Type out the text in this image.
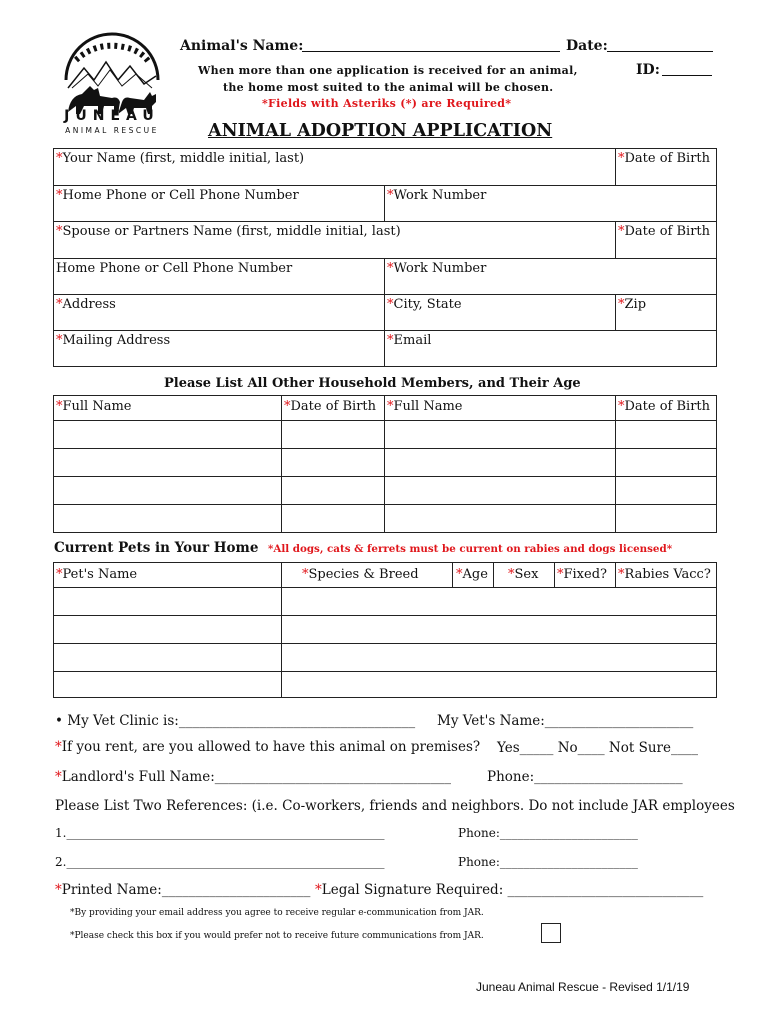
JUNEAU
ANIMAL RESCUE
Animal's Name:	Date:
ID:
When more than one application is received for an animal,
the home most suited to the animal will be chosen.
*Fields with Asteriks (*) are Required*
ANIMAL ADOPTION APPLICATION
*Your Name (first, middle initial, last)	*Date of Birth
*Home Phone or Cell Phone Number	*Work Number
*Spouse or Partners Name (first, middle initial, last)	*Date of Birth
Home Phone or Cell Phone Number	*Work Number
*Address	*City, State	*Zip
*Mailing Address	*Email
Please List All Other Household Members, and Their Age
*Full Name	*Date of Birth *Full Name	*Date of Birth
Current Pets in Your Home *All dogs, cats & ferrets must be current on rabies and dogs licensed*
*Pet's Name	*Species & Breed	*Age *Sex *Fixed? *Rabies Vacc?
• My Vet Clinic is:___________________________________ My Vet's Name:______________________
*If you rent, are you allowed to have this animal on premises? Yes_____ No____ Not Sure____
*Landlord's Full Name:___________________________________	Phone:______________________
Please List Two References: (i.e. Co-workers, friends and neighbors. Do not include JAR employees
1._____________________________________________________	Phone:_______________________
2._____________________________________________________	Phone:_______________________
*Printed Name:______________________ *Legal Signature Required: _____________________________
*By providing your email address you agree to receive regular e-communication from JAR.
*Please check this box if you would prefer not to receive future communications from JAR.
Juneau Animal Rescue - Revised 1/1/19
